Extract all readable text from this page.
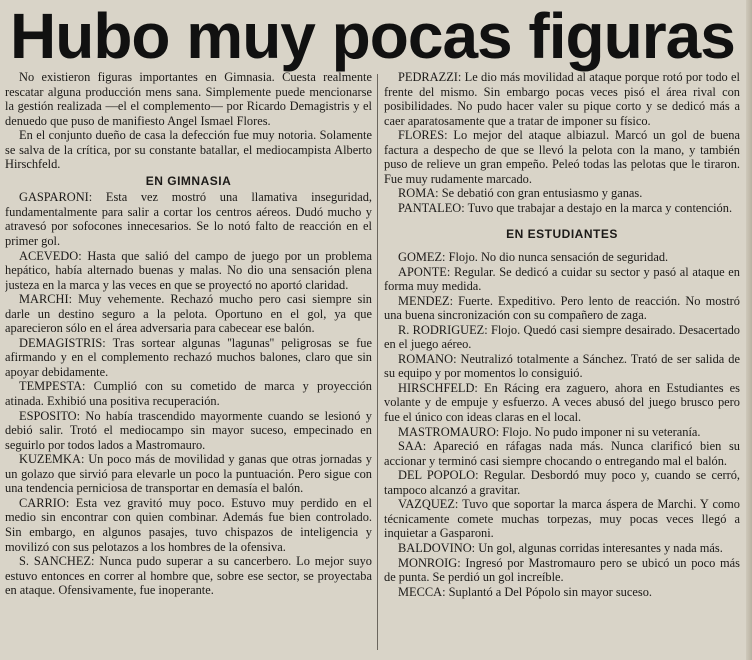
Hubo muy pocas figuras

No existieron figuras importantes en Gimnasia. Cuesta realmente rescatar alguna producción mens sana. Simplemente puede mencionarse la gestión realizada —el el complemento— por Ricardo Demagistris y el denuedo que puso de manifiesto Angel Ismael Flores.

En el conjunto dueño de casa la defección fue muy notoria. Solamente se salva de la crítica, por su constante batallar, el mediocampista Alberto Hirschfeld.

EN GIMNASIA

GASPARONI: Esta vez mostró una llamativa inseguridad, fundamentalmente para salir a cortar los centros aéreos. Dudó mucho y atravesó por sofocones innecesarios. Se lo notó falto de reacción en el primer gol.

ACEVEDO: Hasta que salió del campo de juego por un problema hepático, había alternado buenas y malas. No dio una sensación plena justeza en la marca y las veces en que se proyectó no aportó claridad.

MARCHI: Muy vehemente. Rechazó mucho pero casi siempre sin darle un destino seguro a la pelota. Oportuno en el gol, ya que aparecieron sólo en el área adversaria para cabecear ese balón.

DEMAGISTRIS: Tras sortear algunas ''lagunas'' peligrosas se fue afirmando y en el complemento rechazó muchos balones, claro que sin apoyar debidamente.

TEMPESTA: Cumplió con su cometido de marca y proyección atinada. Exhibió una positiva recuperación.

ESPOSITO: No había trascendido mayormente cuando se lesionó y debió salir. Trotó el mediocampo sin mayor suceso, empecinado en seguirlo por todos lados a Mastromauro.

KUZEMKA: Un poco más de movilidad y ganas que otras jornadas y un golazo que sirvió para elevarle un poco la puntuación. Pero sigue con una tendencia perniciosa de transportar en demasía el balón.

CARRIO: Esta vez gravitó muy poco. Estuvo muy perdido en el medio sin encontrar con quien combinar. Además fue bien controlado. Sin embargo, en algunos pasajes, tuvo chispazos de inteligencia y movilizó con sus pelotazos a los hombres de la ofensiva.

S. SANCHEZ: Nunca pudo superar a su cancerbero. Lo mejor suyo estuvo entonces en correr al hombre que, sobre ese sector, se proyectaba en ataque. Ofensivamente, fue inoperante.

PEDRAZZI: Le dio más movilidad al ataque porque rotó por todo el frente del mismo. Sin embargo pocas veces pisó el área rival con posibilidades. No pudo hacer valer su pique corto y se dedicó más a caer aparatosamente que a tratar de imponer su físico.

FLORES: Lo mejor del ataque albiazul. Marcó un gol de buena factura a despecho de que se llevó la pelota con la mano, y también puso de relieve un gran empeño. Peleó todas las pelotas que le tiraron. Fue muy rudamente marcado.

ROMA: Se debatió con gran entusiasmo y ganas.

PANTALEO: Tuvo que trabajar a destajo en la marca y contención.

EN ESTUDIANTES

GOMEZ: Flojo. No dio nunca sensación de seguridad.

APONTE: Regular. Se dedicó a cuidar su sector y pasó al ataque en forma muy medida.

MENDEZ: Fuerte. Expeditivo. Pero lento de reacción. No mostró una buena sincronización con su compañero de zaga.

R. RODRIGUEZ: Flojo. Quedó casi siempre desairado. Desacertado en el juego aéreo.

ROMANO: Neutralizó totalmente a Sánchez. Trató de ser salida de su equipo y por momentos lo consiguió.

HIRSCHFELD: En Rácing era zaguero, ahora en Estudiantes es volante y de empuje y esfuerzo. A veces abusó del juego brusco pero fue el único con ideas claras en el local.

MASTROMAURO: Flojo. No pudo imponer ni su veteranía.

SAA: Apareció en ráfagas nada más. Nunca clarificó bien su accionar y terminó casi siempre chocando o entregando mal el balón.

DEL POPOLO: Regular. Desbordó muy poco y, cuando se cerró, tampoco alcanzó a gravitar.

VAZQUEZ: Tuvo que soportar la marca áspera de Marchi. Y como técnicamente comete muchas torpezas, muy pocas veces llegó a inquietar a Gasparoni.

BALDOVINO: Un gol, algunas corridas interesantes y nada más.

MONROIG: Ingresó por Mastromauro pero se ubicó un poco más de punta. Se perdió un gol increíble.

MECCA: Suplantó a Del Pópolo sin mayor suceso.
